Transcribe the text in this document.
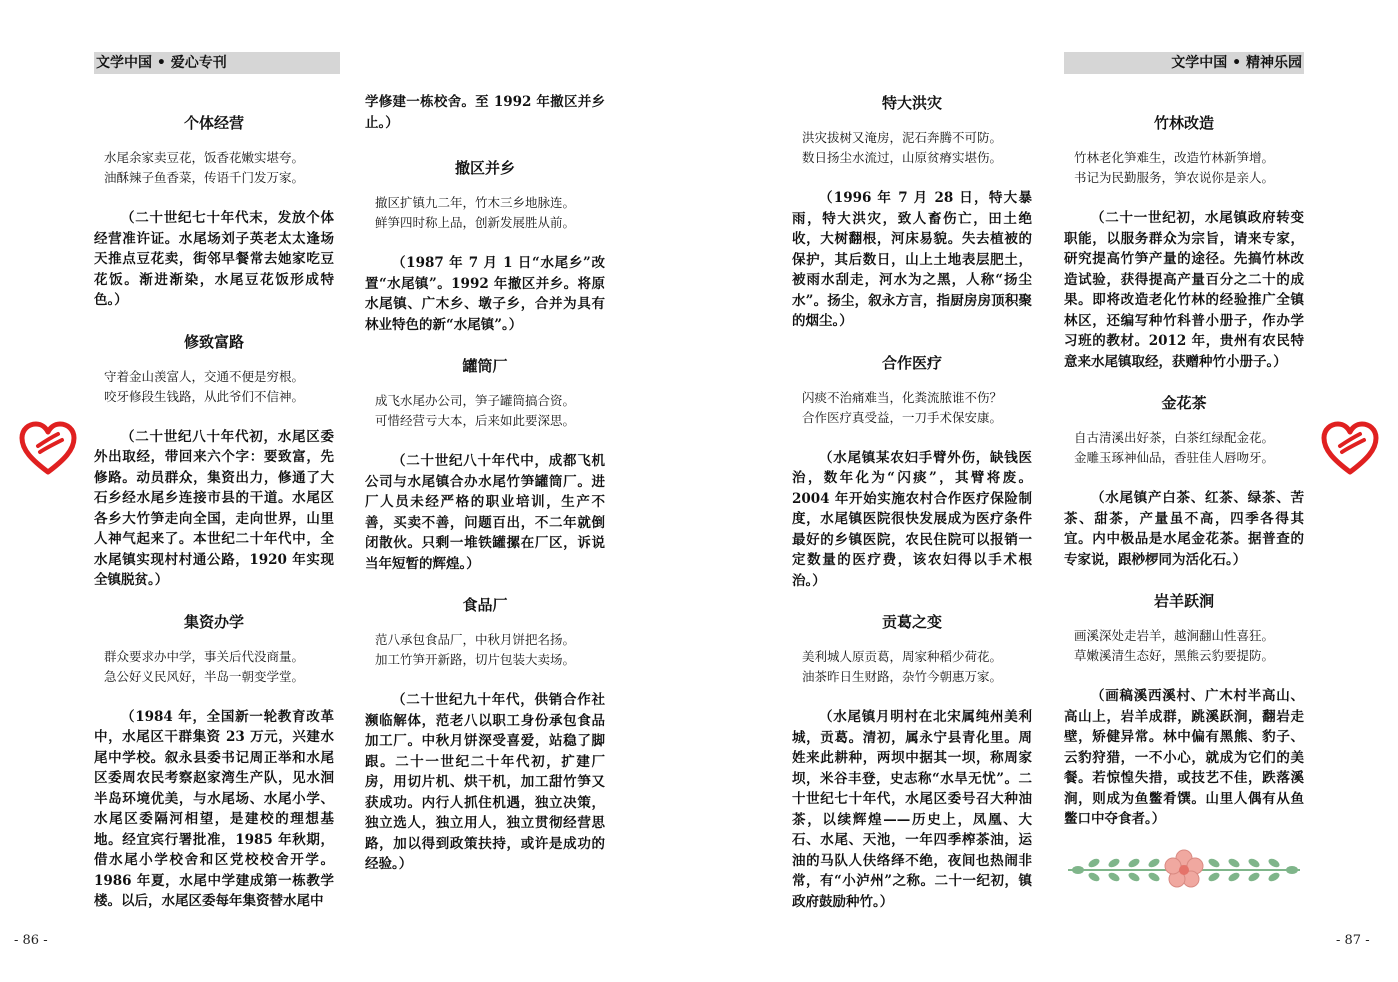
文学中国 • 爱心专刊	文学中国 • 精神乐园
个体经营
水尾余家卖豆花，饭香花嫩实堪夸。
油酥辣子鱼香菜，传语千门发万家。

（二十世纪七十年代末，发放个体经营准许证。水尾场刘子英老太太逢场天推点豆花卖，街邻早餐常去她家吃豆花饭。渐进渐染，水尾豆花饭形成特色。）

修致富路
守着金山羡富人，交通不便是穷根。
咬牙修段生钱路，从此爷们不信神。

（二十世纪八十年代初，水尾区委外出取经，带回来六个字：要致富，先修路。动员群众，集资出力，修通了大石乡经水尾乡连接市县的干道。水尾区各乡大竹笋走向全国，走向世界，山里人神气起来了。本世纪二十年代中，全水尾镇实现村村通公路，1920 年实现全镇脱贫。）

集资办学
群众要求办中学，事关后代没商量。
急公好义民风好，半岛一朝变学堂。

（1984 年，全国新一轮教育改革中，水尾区干群集资 23 万元，兴建水尾中学校。叙永县委书记周正举和水尾区委周农民考察赵家湾生产队，见水洄半岛环境优美，与水尾场、水尾小学、水尾区委隔河相望，是建校的理想基地。经宜宾行署批准，1985 年秋期，借水尾小学校舍和区党校校舍开学。1986 年夏，水尾中学建成第一栋教学楼。以后，水尾区委每年集资替水尾中

学修建一栋校舍。至 1992 年撤区并乡止。）

撤区并乡
撤区扩镇九二年，竹木三乡地脉连。
鲜笋四时称上品，创新发展胜从前。

（1987 年 7 月 1 日“水尾乡”改置“水尾镇”。1992 年撤区并乡。将原水尾镇、广木乡、墩子乡，合并为具有林业特色的新“水尾镇”。）

罐筒厂
成飞水尾办公司，笋子罐筒搞合资。
可惜经营亏大本，后来如此要深思。

（二十世纪八十年代中，成都飞机公司与水尾镇合办水尾竹笋罐筒厂。进厂人员未经严格的职业培训，生产不善，买卖不善，问题百出，不二年就倒闭散伙。只剩一堆铁罐摞在厂区，诉说当年短暂的辉煌。）

食品厂
范八承包食品厂，中秋月饼把名扬。
加工竹笋开新路，切片包装大卖场。

（二十世纪九十年代，供销合作社濒临解体，范老八以职工身份承包食品加工厂。中秋月饼深受喜爱，站稳了脚跟。二十一世纪二十年代初，扩建厂房，用切片机、烘干机，加工甜竹笋又获成功。内行人抓住机遇，独立决策，独立选人，独立用人，独立贯彻经营思路，加以得到政策扶持，或许是成功的经验。）

特大洪灾
洪灾拔树又淹房，泥石奔腾不可防。
数日扬尘水流过，山原贫瘠实堪伤。

（1996 年 7 月 28 日，特大暴雨，特大洪灾，致人畜伤亡，田土绝收，大树翻根，河床易貌。失去植被的保护，其后数日，山上土地表层肥土，被雨水刮走，河水为之黑，人称“扬尘水”。扬尘，叙永方言，指厨房房顶积聚的烟尘。）

合作医疗
闪痰不治痛难当，化粪流脓谁不伤？
合作医疗真受益，一刀手术保安康。

（水尾镇某农妇手臂外伤，缺钱医治，数年化为“闪痰”，其臂将废。2004 年开始实施农村合作医疗保险制度，水尾镇医院很快发展成为医疗条件最好的乡镇医院，农民住院可以报销一定数量的医疗费，该农妇得以手术根治。）

贡葛之变
美利城人原贡葛，周家种稻少荷花。
油茶昨日生财路，杂竹今朝惠万家。

（水尾镇月明村在北宋属纯州美利城，贡葛。清初，属永宁县青化里。周姓来此耕种，两坝中据其一坝，称周家坝，米谷丰登，史志称“水旱无忧”。二十世纪七十年代，水尾区委号召大种油茶，以续辉煌——历史上，凤凰、大石、水尾、天池，一年四季榨茶油，运油的马队人伕络绎不绝，夜间也热闹非常，有“小泸州”之称。二十一纪初，镇政府鼓励种竹。）

竹林改造
竹林老化笋难生，改造竹林新笋增。
书记为民勤服务，笋农说你是亲人。

（二十一世纪初，水尾镇政府转变职能，以服务群众为宗旨，请来专家，研究提高竹笋产量的途径。先搞竹林改造试验，获得提高产量百分之二十的成果。即将改造老化竹林的经验推广全镇林区，还编写种竹科普小册子，作办学习班的教材。2012 年，贵州有农民特意来水尾镇取经，获赠种竹小册子。）

金花茶
自古清溪出好茶，白茶红绿配金花。
金雕玉琢神仙品，香驻佳人唇吻牙。

（水尾镇产白茶、红茶、绿茶、苦茶、甜茶，产量虽不高，四季各得其宜。内中极品是水尾金花茶。据普查的专家说，跟桫椤同为活化石。）

岩羊跃涧
画溪深处走岩羊，越涧翻山性喜狂。
草嫩溪清生态好，黑熊云豹要提防。

（画稿溪西溪村、广木村半高山、高山上，岩羊成群，跳溪跃涧，翻岩走壁，矫健异常。林中偏有黑熊、豹子、云豹狩猎，一不小心，就成为它们的美餐。若惊惶失措，或技艺不佳，跌落溪涧，则成为鱼鳖肴馔。山里人偶有从鱼鳖口中夺食者。）

- 86 -	- 87 -
